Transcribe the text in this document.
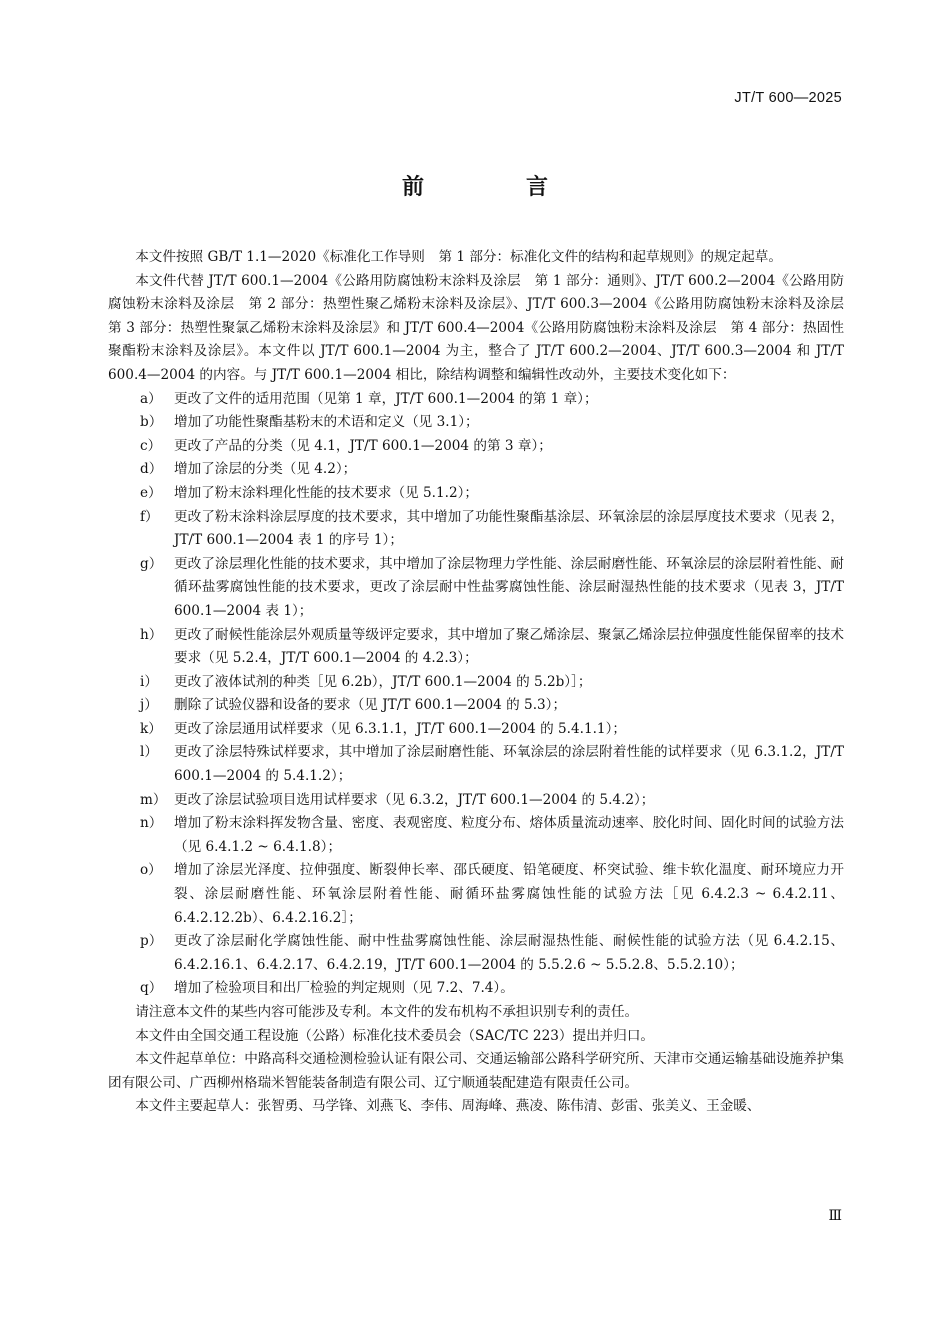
JT/T 600—2025
前　言

本文件按照 GB/T 1.1—2020《标准化工作导则　第 1 部分：标准化文件的结构和起草规则》的规定起草。

本文件代替 JT/T 600.1—2004《公路用防腐蚀粉末涂料及涂层　第 1 部分：通则》、JT/T 600.2—2004《公路用防腐蚀粉末涂料及涂层　第 2 部分：热塑性聚乙烯粉末涂料及涂层》、JT/T 600.3—2004《公路用防腐蚀粉末涂料及涂层　第 3 部分：热塑性聚氯乙烯粉末涂料及涂层》和 JT/T 600.4—2004《公路用防腐蚀粉末涂料及涂层　第 4 部分：热固性聚酯粉末涂料及涂层》。本文件以 JT/T 600.1—2004 为主，整合了 JT/T 600.2—2004、JT/T 600.3—2004 和 JT/T 600.4—2004 的内容。与 JT/T 600.1—2004 相比，除结构调整和编辑性改动外，主要技术变化如下：

a） 更改了文件的适用范围（见第 1 章，JT/T 600.1—2004 的第 1 章）；
b） 增加了功能性聚酯基粉末的术语和定义（见 3.1）；
c） 更改了产品的分类（见 4.1，JT/T 600.1—2004 的第 3 章）；
d） 增加了涂层的分类（见 4.2）；
e） 增加了粉末涂料理化性能的技术要求（见 5.1.2）；
f）	更改了粉末涂料涂层厚度的技术要求，其中增加了功能性聚酯基涂层、环氧涂层的涂层厚度技术要求（见表 2，JT/T 600.1—2004 表 1 的序号 1）；
g） 更改了涂层理化性能的技术要求，其中增加了涂层物理力学性能、涂层耐磨性能、环氧涂层的涂层附着性能、耐循环盐雾腐蚀性能的技术要求，更改了涂层耐中性盐雾腐蚀性能、涂层耐湿热性能的技术要求（见表 3，JT/T 600.1—2004 表 1）；
h） 更改了耐候性能涂层外观质量等级评定要求，其中增加了聚乙烯涂层、聚氯乙烯涂层拉伸强度性能保留率的技术要求（见 5.2.4，JT/T 600.1—2004 的 4.2.3）；
i）	更改了液体试剂的种类［见 6.2b），JT/T 600.1—2004 的 5.2b）］；
j）	删除了试验仪器和设备的要求（见 JT/T 600.1—2004 的 5.3）；
k） 更改了涂层通用试样要求（见 6.3.1.1，JT/T 600.1—2004 的 5.4.1.1）；
l）	更改了涂层特殊试样要求，其中增加了涂层耐磨性能、环氧涂层的涂层附着性能的试样要求（见 6.3.1.2，JT/T 600.1—2004 的 5.4.1.2）；
m） 更改了涂层试验项目选用试样要求（见 6.3.2，JT/T 600.1—2004 的 5.4.2）；
n） 增加了粉末涂料挥发物含量、密度、表观密度、粒度分布、熔体质量流动速率、胶化时间、固化时间的试验方法（见 6.4.1.2 ~ 6.4.1.8）；
o） 增加了涂层光泽度、拉伸强度、断裂伸长率、邵氏硬度、铅笔硬度、杯突试验、维卡软化温度、耐环境应力开裂、涂层耐磨性能、环氧涂层附着性能、耐循环盐雾腐蚀性能的试验方法［见 6.4.2.3 ~ 6.4.2.11、6.4.2.12.2b）、6.4.2.16.2］；
p） 更改了涂层耐化学腐蚀性能、耐中性盐雾腐蚀性能、涂层耐湿热性能、耐候性能的试验方法（见 6.4.2.15、6.4.2.16.1、6.4.2.17、6.4.2.19，JT/T 600.1—2004 的 5.5.2.6 ~ 5.5.2.8、5.5.2.10）；
q） 增加了检验项目和出厂检验的判定规则（见 7.2、7.4）。

请注意本文件的某些内容可能涉及专利。本文件的发布机构不承担识别专利的责任。

本文件由全国交通工程设施（公路）标准化技术委员会（SAC/TC 223）提出并归口。

本文件起草单位：中路高科交通检测检验认证有限公司、交通运输部公路科学研究所、天津市交通运输基础设施养护集团有限公司、广西柳州格瑞米智能装备制造有限公司、辽宁顺通装配建造有限责任公司。

本文件主要起草人：张智勇、马学锋、刘燕飞、李伟、周海峰、燕凌、陈伟清、彭雷、张美义、王金暖、

Ⅲ
